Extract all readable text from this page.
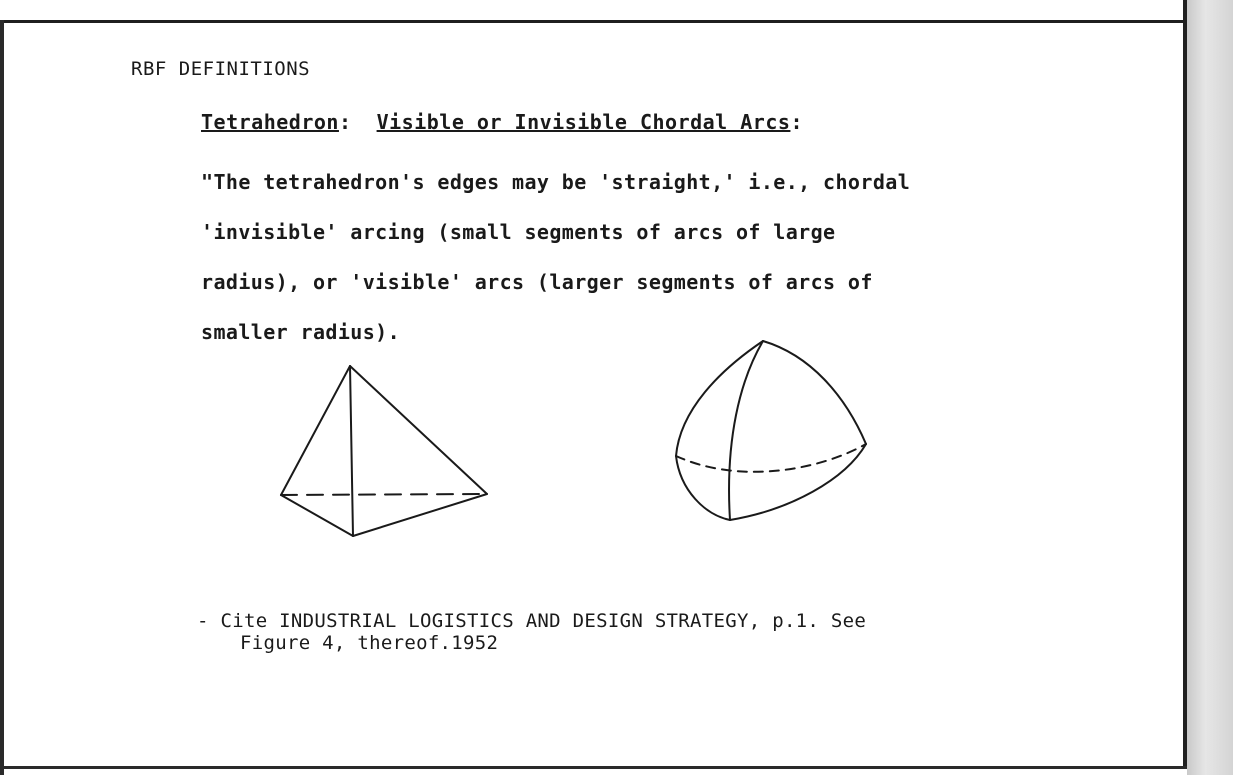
RBF DEFINITIONS
Tetrahedron:  Visible or Invisible Chordal Arcs:
"The tetrahedron's edges may be 'straight,' i.e., chordal
'invisible' arcing (small segments of arcs of large
radius), or 'visible' arcs (larger segments of arcs of
smaller radius).
- Cite INDUSTRIAL LOGISTICS AND DESIGN STRATEGY, p.1. See
Figure 4, thereof.1952
